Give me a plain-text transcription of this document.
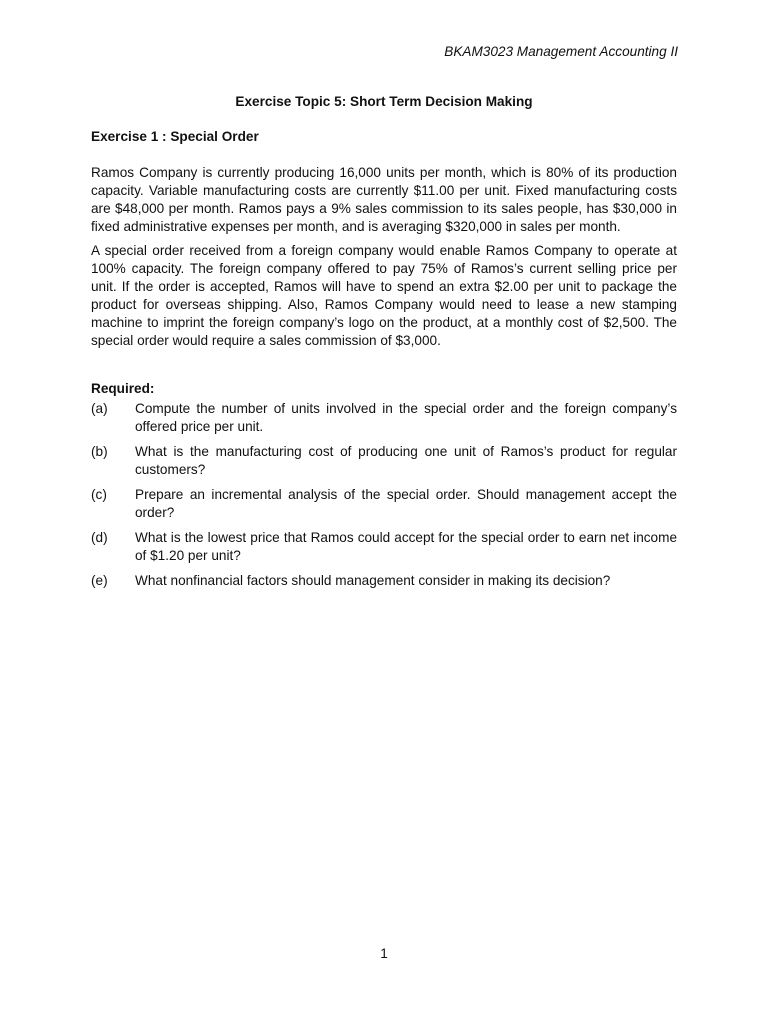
BKAM3023 Management Accounting II
Exercise Topic 5: Short Term Decision Making
Exercise 1 : Special Order

Ramos Company is currently producing 16,000 units per month, which is 80% of its production capacity. Variable manufacturing costs are currently $11.00 per unit. Fixed manufacturing costs are $48,000 per month. Ramos pays a 9% sales commission to its sales people, has $30,000 in fixed administrative expenses per month, and is averaging $320,000 in sales per month.

A special order received from a foreign company would enable Ramos Company to operate at 100% capacity. The foreign company offered to pay 75% of Ramos’s current selling price per unit. If the order is accepted, Ramos will have to spend an extra $2.00 per unit to package the product for overseas shipping. Also, Ramos Company would need to lease a new stamping machine to imprint the foreign company’s logo on the product, at a monthly cost of $2,500. The special order would require a sales commission of $3,000.

Required:
(a)	Compute the number of units involved in the special order and the foreign company’s offered price per unit.
(b)	What is the manufacturing cost of producing one unit of Ramos’s product for regular customers?
(c)	Prepare an incremental analysis of the special order. Should management accept the order?
(d)	What is the lowest price that Ramos could accept for the special order to earn net income of $1.20 per unit?
(e)	What nonfinancial factors should management consider in making its decision?
1
